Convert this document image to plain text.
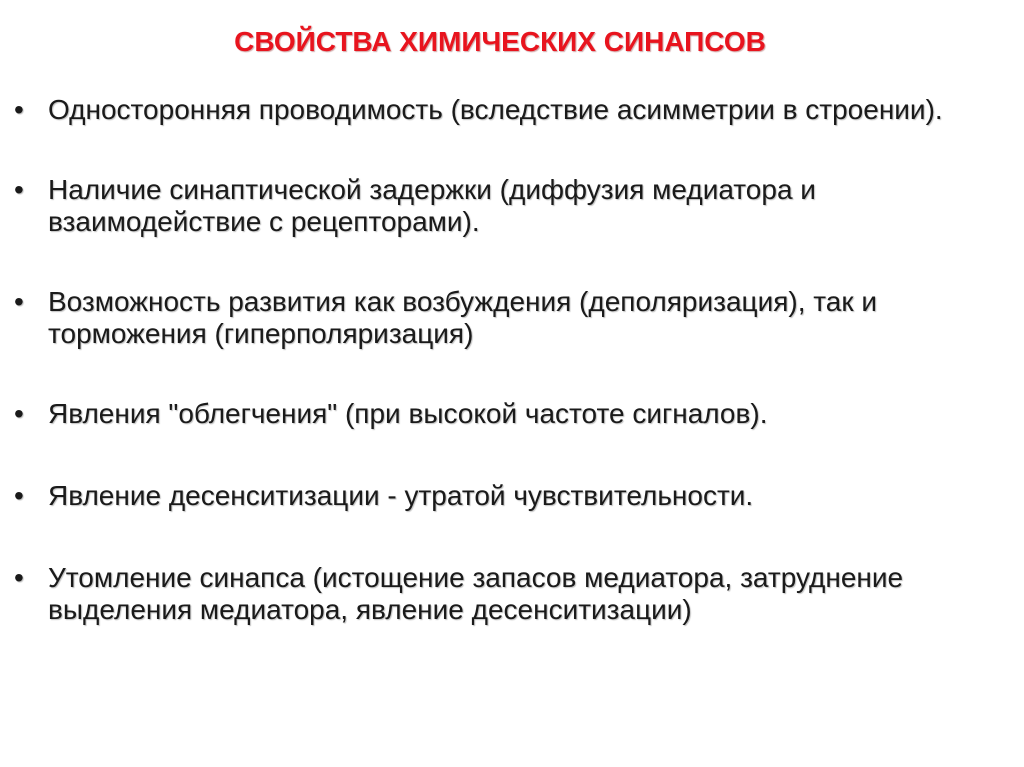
СВОЙСТВА ХИМИЧЕСКИХ СИНАПСОВ
• Односторонняя проводимость (вследствие асимметрии в строении).
• Наличие синаптической задержки (диффузия медиатора и взаимодействие с рецепторами).
• Возможность развития как возбуждения (деполяризация), так и торможения (гиперполяризация)
• Явления "облегчения" (при высокой частоте сигналов).
• Явление десенситизации - утратой чувствительности.
• Утомление синапса (истощение запасов медиатора, затруднение выделения медиатора, явление десенситизации)
